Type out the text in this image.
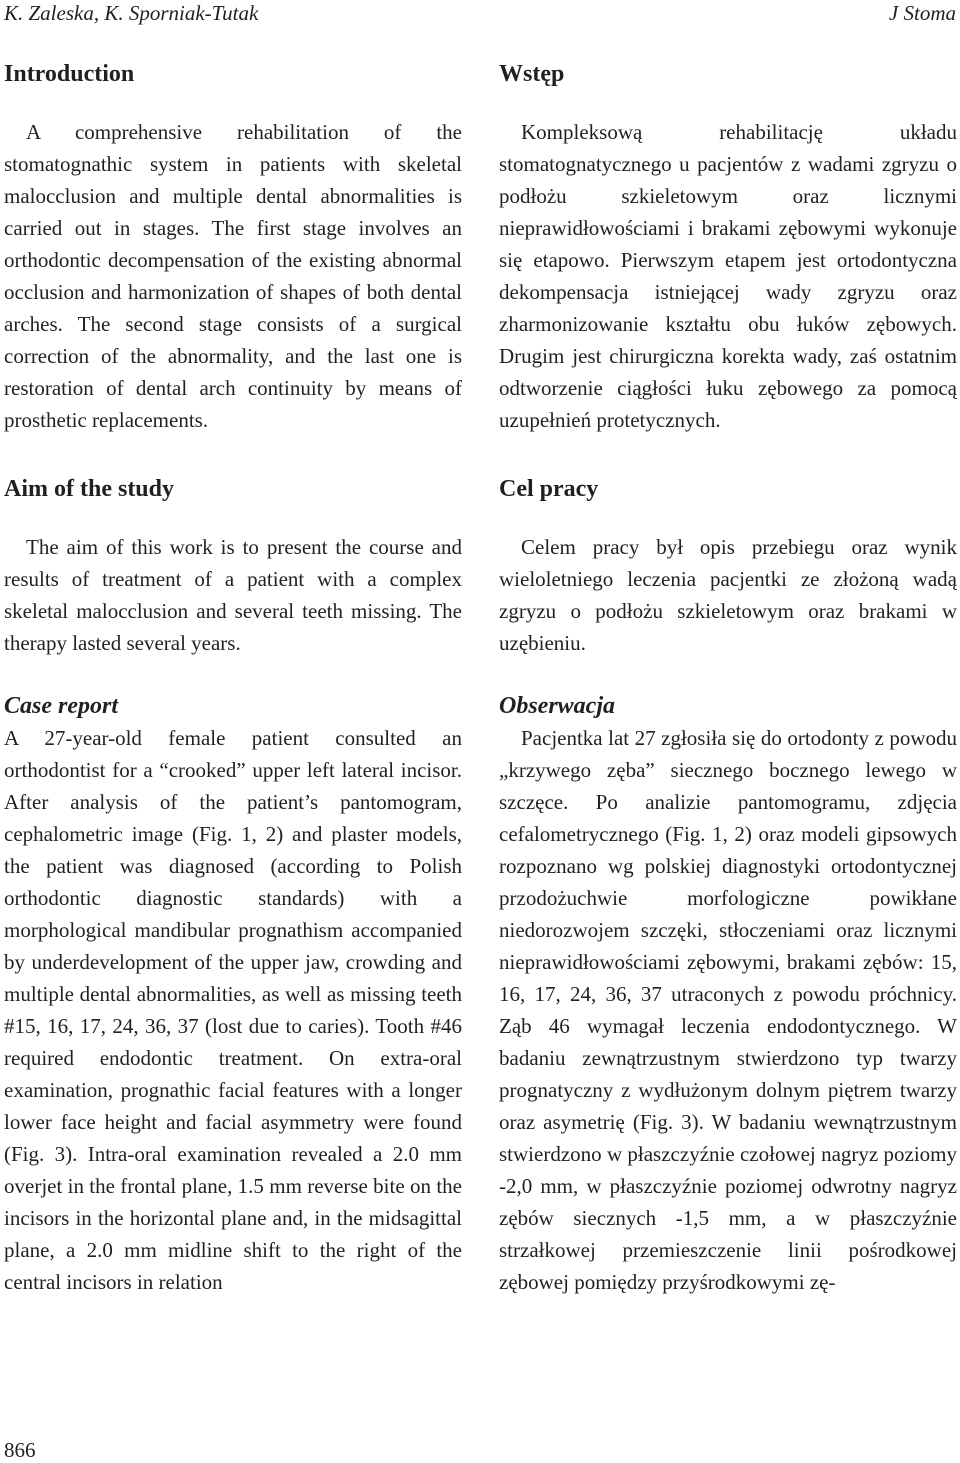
K. Zaleska, K. Sporniak-Tutak	J Stoma
Introduction

A comprehensive rehabilitation of the stomatognathic system in patients with skeletal malocclusion and multiple dental abnormalities is carried out in stages. The first stage involves an orthodontic decompensation of the existing abnormal occlusion and harmonization of shapes of both dental arches. The second stage consists of a surgical correction of the abnormality, and the last one is restoration of dental arch continuity by means of prosthetic replacements.

Aim of the study

The aim of this work is to present the course and results of treatment of a patient with a complex skeletal malocclusion and several teeth missing. The therapy lasted several years.

Case report

A 27-year-old female patient consulted an orthodontist for a “crooked” upper left lateral incisor. After analysis of the patient’s pantomogram, cephalometric image (Fig. 1, 2) and plaster models, the patient was diagnosed (according to Polish orthodontic diagnostic standards) with a morphological mandibular prognathism accompanied by underdevelopment of the upper jaw, crowding and multiple dental abnormalities, as well as missing teeth #15, 16, 17, 24, 36, 37 (lost due to caries). Tooth #46 required endodontic treatment. On extra-oral examination, prognathic facial features with a longer lower face height and facial asymmetry were found (Fig. 3). Intra-oral examination revealed a 2.0 mm overjet in the frontal plane, 1.5 mm reverse bite on the incisors in the horizontal plane and, in the midsagittal plane, a 2.0 mm midline shift to the right of the central incisors in relation

Wstęp

Kompleksową rehabilitację układu stomatognatycznego u pacjentów z wadami zgryzu o podłożu szkieletowym oraz licznymi nieprawidłowościami i brakami zębowymi wykonuje się etapowo. Pierwszym etapem jest ortodontyczna dekompensacja istniejącej wady zgryzu oraz zharmonizowanie kształtu obu łuków zębowych. Drugim jest chirurgiczna korekta wady, zaś ostatnim odtworzenie ciągłości łuku zębowego za pomocą uzupełnień protetycznych.

Cel pracy

Celem pracy był opis przebiegu oraz wynik wieloletniego leczenia pacjentki ze złożoną wadą zgryzu o podłożu szkieletowym oraz brakami w uzębieniu.

Obserwacja

Pacjentka lat 27 zgłosiła się do ortodonty z powodu „krzywego zęba” siecznego bocznego lewego w szczęce. Po analizie pantomogramu, zdjęcia cefalometrycznego (Fig. 1, 2) oraz modeli gipsowych rozpoznano wg polskiej diagnostyki ortodontycznej przodożuchwie morfologiczne powikłane niedorozwojem szczęki, stłoczeniami oraz licznymi nieprawidłowościami zębowymi, brakami zębów: 15, 16, 17, 24, 36, 37 utraconych z powodu próchnicy. Ząb 46 wymagał leczenia endodontycznego. W badaniu zewnątrzustnym stwierdzono typ twarzy prognatyczny z wydłużonym dolnym piętrem twarzy oraz asymetrię (Fig. 3). W badaniu wewnątrzustnym stwierdzono w płaszczyźnie czołowej nagryz poziomy -2,0 mm, w płaszczyźnie poziomej odwrotny nagryz zębów siecznych -1,5 mm, a w płaszczyźnie strzałkowej przemieszczenie linii pośrodkowej zębowej pomiędzy przyśrodkowymi zę-

866
